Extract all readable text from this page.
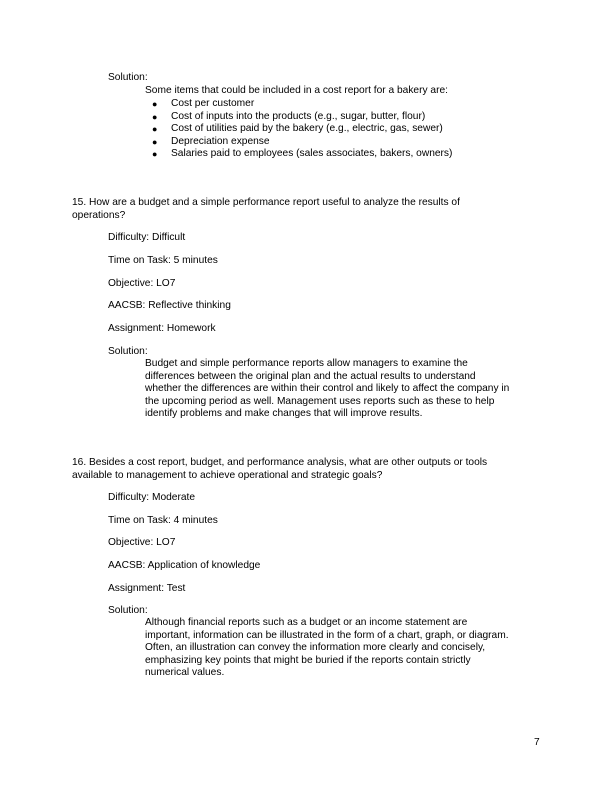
Solution:
Some items that could be included in a cost report for a bakery are:
● Cost per customer
● Cost of inputs into the products (e.g., sugar, butter, flour)
● Cost of utilities paid by the bakery (e.g., electric, gas, sewer)
● Depreciation expense
● Salaries paid to employees (sales associates, bakers, owners)

15. How are a budget and a simple performance report useful to analyze the results of

operations?

Difficulty: Difficult
Time on Task: 5 minutes
Objective: LO7
AACSB: Reflective thinking
Assignment: Homework
Solution:

Budget and simple performance reports allow managers to examine the

differences between the original plan and the actual results to understand

whether the differences are within their control and likely to affect the company in

the upcoming period as well. Management uses reports such as these to help

identify problems and make changes that will improve results.

16. Besides a cost report, budget, and performance analysis, what are other outputs or tools

available to management to achieve operational and strategic goals?

Difficulty: Moderate
Time on Task: 4 minutes
Objective: LO7
AACSB: Application of knowledge
Assignment: Test
Solution:

Although financial reports such as a budget or an income statement are

important, information can be illustrated in the form of a chart, graph, or diagram.

Often, an illustration can convey the information more clearly and concisely,

emphasizing key points that might be buried if the reports contain strictly

numerical values.

7
